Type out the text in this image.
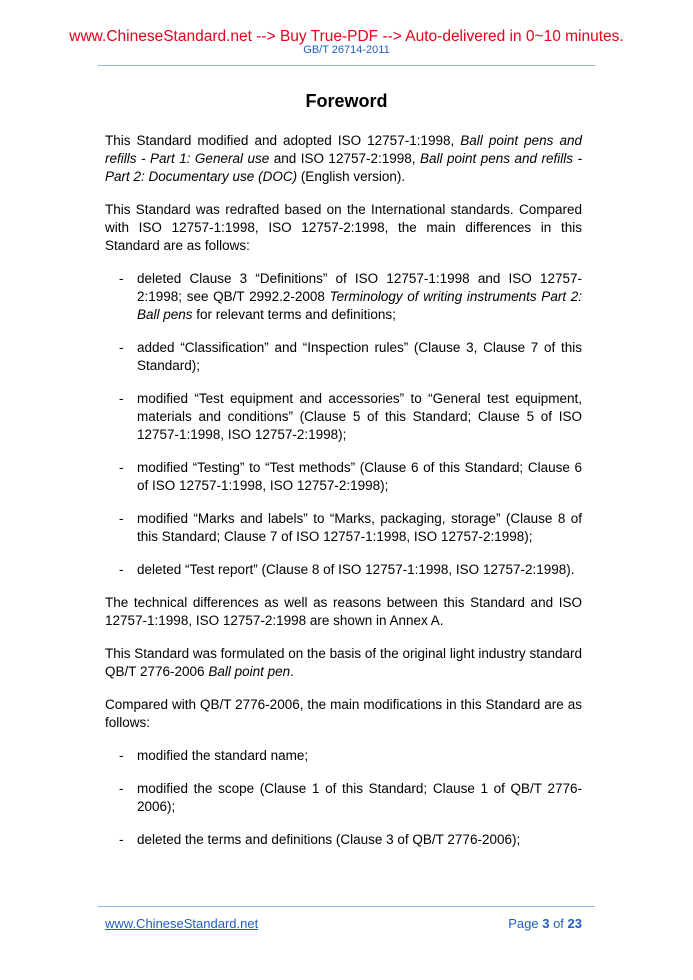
www.ChineseStandard.net --> Buy True-PDF --> Auto-delivered in 0~10 minutes.
GB/T 26714-2011
Foreword

This Standard modified and adopted ISO 12757-1:1998, Ball point pens and refills - Part 1: General use and ISO 12757-2:1998, Ball point pens and refills - Part 2: Documentary use (DOC) (English version).

This Standard was redrafted based on the International standards. Compared with ISO 12757-1:1998, ISO 12757-2:1998, the main differences in this Standard are as follows:

- deleted Clause 3 “Definitions” of ISO 12757-1:1998 and ISO 12757-2:1998; see QB/T 2992.2-2008 Terminology of writing instruments Part 2: Ball pens for relevant terms and definitions;
- added “Classification” and “Inspection rules” (Clause 3, Clause 7 of this Standard);
- modified “Test equipment and accessories” to “General test equipment, materials and conditions” (Clause 5 of this Standard; Clause 5 of ISO 12757-1:1998, ISO 12757-2:1998);
- modified “Testing” to “Test methods” (Clause 6 of this Standard; Clause 6 of ISO 12757-1:1998, ISO 12757-2:1998);
- modified “Marks and labels” to “Marks, packaging, storage” (Clause 8 of this Standard; Clause 7 of ISO 12757-1:1998, ISO 12757-2:1998);
- deleted “Test report” (Clause 8 of ISO 12757-1:1998, ISO 12757-2:1998).

The technical differences as well as reasons between this Standard and ISO 12757-1:1998, ISO 12757-2:1998 are shown in Annex A.

This Standard was formulated on the basis of the original light industry standard QB/T 2776-2006 Ball point pen.

Compared with QB/T 2776-2006, the main modifications in this Standard are as follows:

- modified the standard name;
- modified the scope (Clause 1 of this Standard; Clause 1 of QB/T 2776-2006);
- deleted the terms and definitions (Clause 3 of QB/T 2776-2006);
www.ChineseStandard.net	Page 3 of 23
